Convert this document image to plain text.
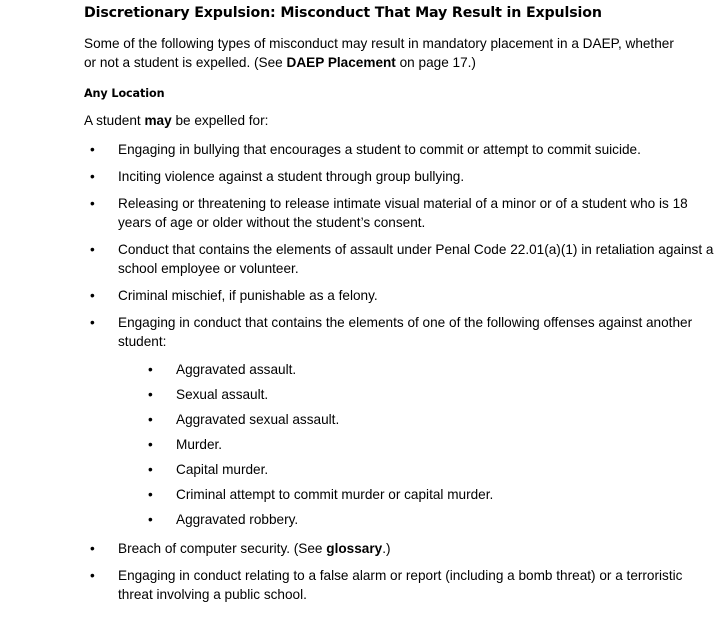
Discretionary Expulsion: Misconduct That May Result in Expulsion

Some of the following types of misconduct may result in mandatory placement in a DAEP, whether or not a student is expelled. (See DAEP Placement on page 17.)

Any Location

A student may be expelled for:

• Engaging in bullying that encourages a student to commit or attempt to commit suicide.
• Inciting violence against a student through group bullying.
• Releasing or threatening to release intimate visual material of a minor or of a student who is 18 years of age or older without the student’s consent.
• Conduct that contains the elements of assault under Penal Code 22.01(a)(1) in retaliation against a school employee or volunteer.
• Criminal mischief, if punishable as a felony.
• Engaging in conduct that contains the elements of one of the following offenses against another student:
• Aggravated assault.
• Sexual assault.
• Aggravated sexual assault.
• Murder.
• Capital murder.
• Criminal attempt to commit murder or capital murder.
• Aggravated robbery.
• Breach of computer security. (See glossary.)
• Engaging in conduct relating to a false alarm or report (including a bomb threat) or a terroristic threat involving a public school.
